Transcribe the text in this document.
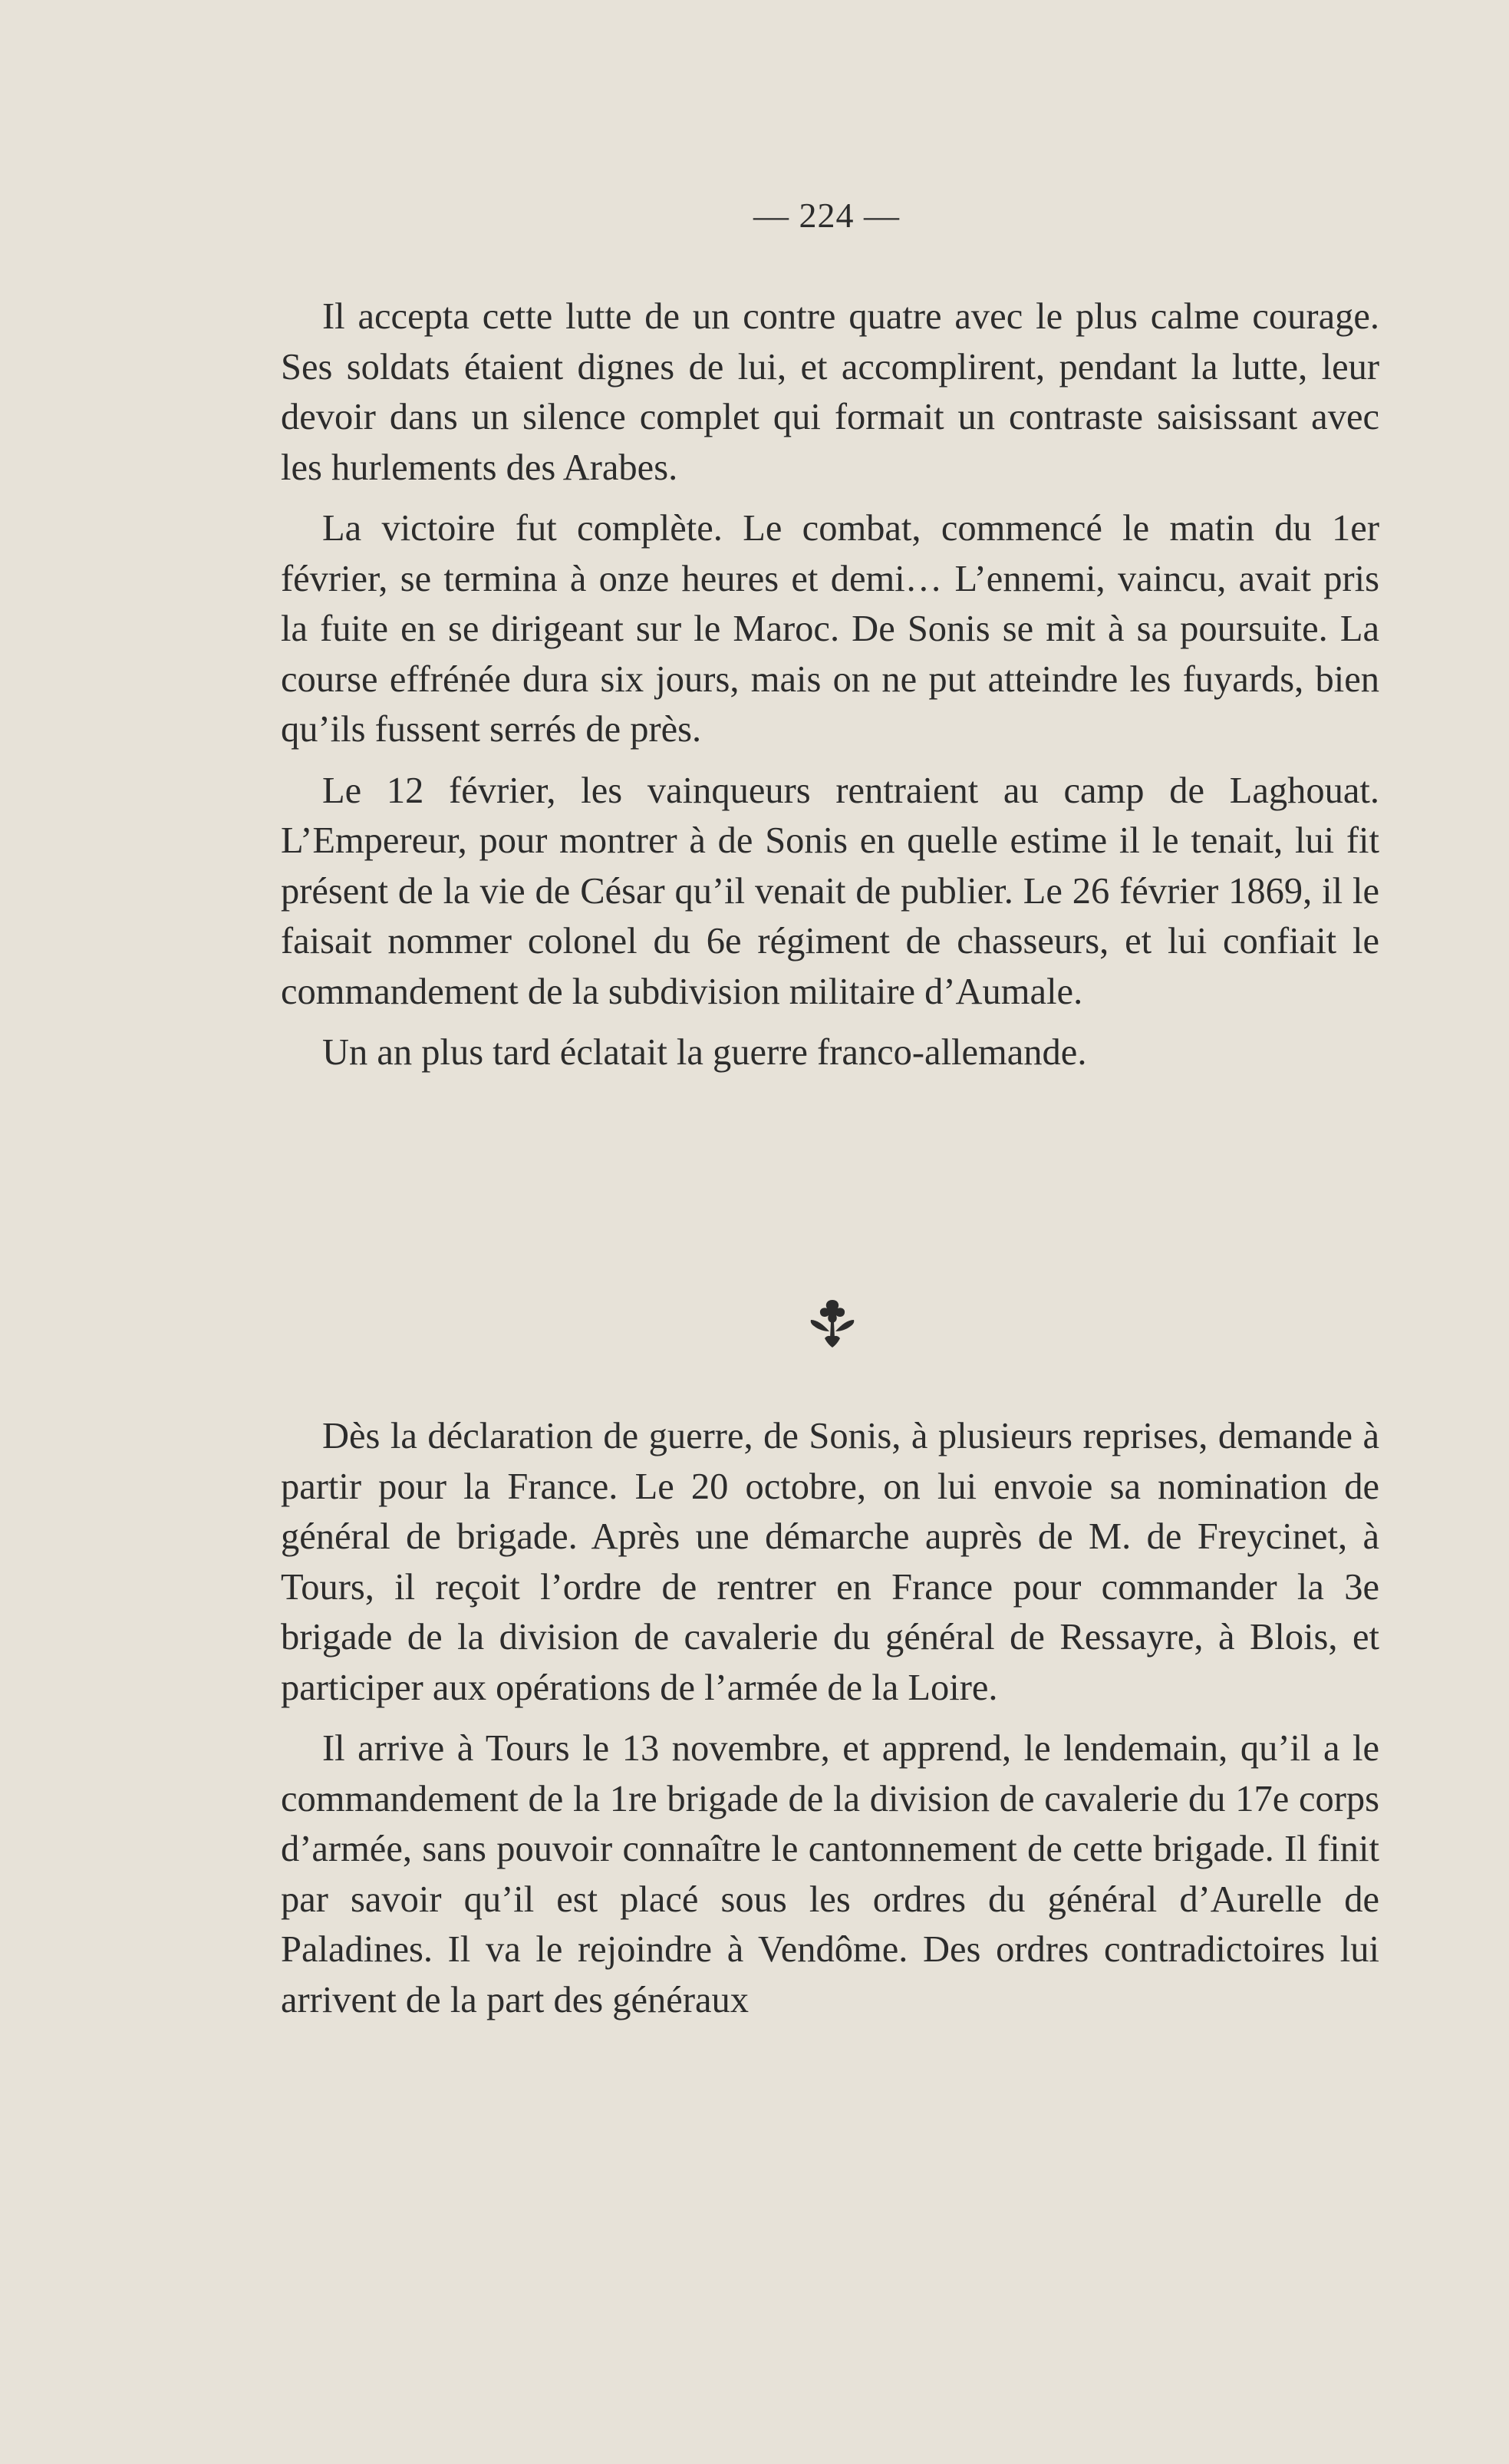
— 224 —

Il accepta cette lutte de un contre quatre avec le plus calme courage. Ses soldats étaient dignes de lui, et accomplirent, pendant la lutte, leur devoir dans un silence complet qui formait un contraste saisissant avec les hurlements des Arabes.

La victoire fut complète. Le combat, commencé le matin du 1er février, se termina à onze heures et demi… L’ennemi, vaincu, avait pris la fuite en se dirigeant sur le Maroc. De Sonis se mit à sa poursuite. La course effrénée dura six jours, mais on ne put atteindre les fuyards, bien qu’ils fussent serrés de près.

Le 12 février, les vainqueurs rentraient au camp de Laghouat. L’Empereur, pour montrer à de Sonis en quelle estime il le tenait, lui fit présent de la vie de César qu’il venait de publier. Le 26 février 1869, il le faisait nommer colonel du 6e régiment de chasseurs, et lui confiait le commandement de la subdivision militaire d’Aumale.

Un an plus tard éclatait la guerre franco-allemande.

Dès la déclaration de guerre, de Sonis, à plusieurs reprises, demande à partir pour la France. Le 20 octobre, on lui envoie sa nomination de général de brigade. Après une démarche auprès de M. de Freycinet, à Tours, il reçoit l’ordre de rentrer en France pour commander la 3e brigade de la division de cavalerie du général de Ressayre, à Blois, et participer aux opérations de l’armée de la Loire.

Il arrive à Tours le 13 novembre, et apprend, le lendemain, qu’il a le commandement de la 1re brigade de la division de cavalerie du 17e corps d’armée, sans pouvoir connaître le cantonnement de cette brigade. Il finit par savoir qu’il est placé sous les ordres du général d’Aurelle de Paladines. Il va le rejoindre à Vendôme. Des ordres contradictoires lui arrivent de la part des généraux
